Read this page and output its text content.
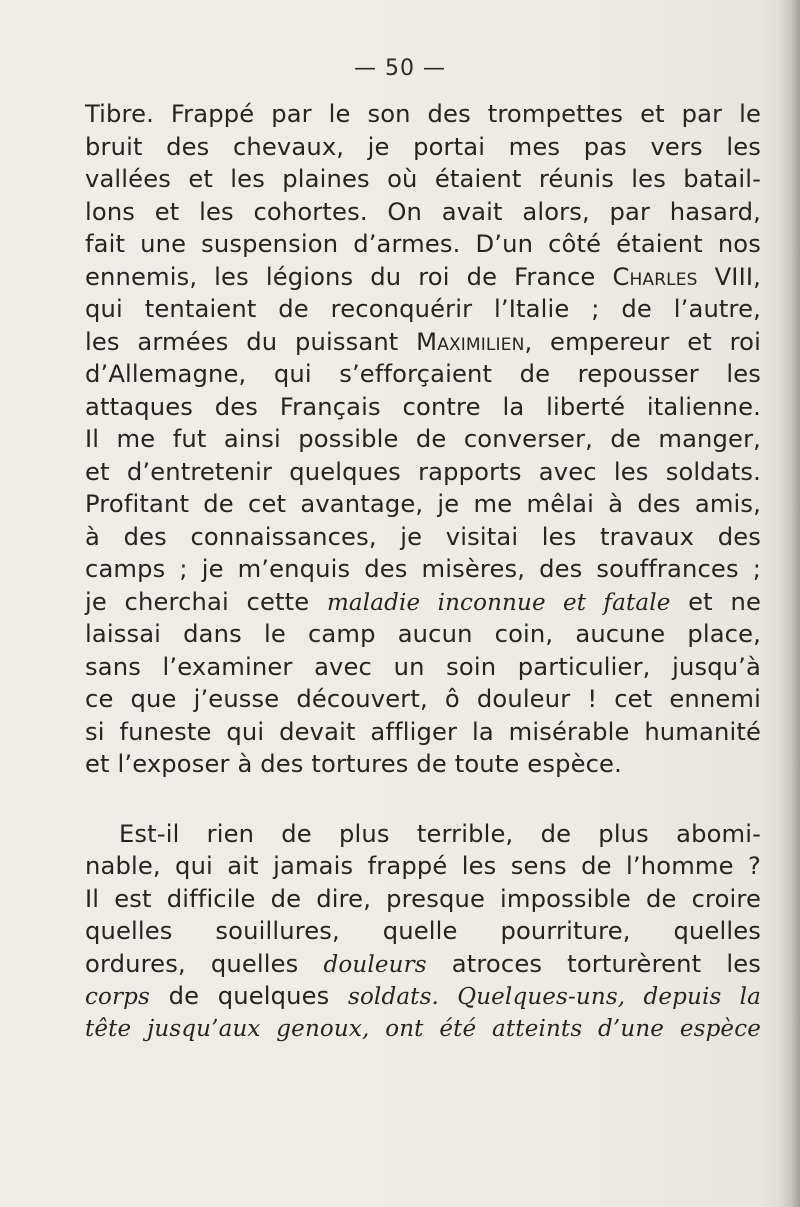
— 50 —
Tibre. Frappé par le son des trompettes et par le
bruit des chevaux, je portai mes pas vers les
vallées et les plaines où étaient réunis les batail-
lons et les cohortes. On avait alors, par hasard,
fait une suspension d’armes. D’un côté étaient nos
ennemis, les légions du roi de France Charles VIII,
qui tentaient de reconquérir l’Italie ; de l’autre,
les armées du puissant Maximilien, empereur et roi
d’Allemagne, qui s’efforçaient de repousser les
attaques des Français contre la liberté italienne.
Il me fut ainsi possible de converser, de manger,
et d’entretenir quelques rapports avec les soldats.
Profitant de cet avantage, je me mêlai à des amis,
à des connaissances, je visitai les travaux des
camps ; je m’enquis des misères, des souffrances ;
je cherchai cette maladie inconnue et fatale et ne
laissai dans le camp aucun coin, aucune place,
sans l’examiner avec un soin particulier, jusqu’à
ce que j’eusse découvert, ô douleur ! cet ennemi
si funeste qui devait affliger la misérable humanité
et l’exposer à des tortures de toute espèce.
Est-il rien de plus terrible, de plus abomi-
nable, qui ait jamais frappé les sens de l’homme ?
Il est difficile de dire, presque impossible de croire
quelles souillures, quelle pourriture, quelles
ordures, quelles douleurs atroces torturèrent les
corps de quelques soldats. Quelques-uns, depuis la
tête jusqu’aux genoux, ont été atteints d’une espèce
